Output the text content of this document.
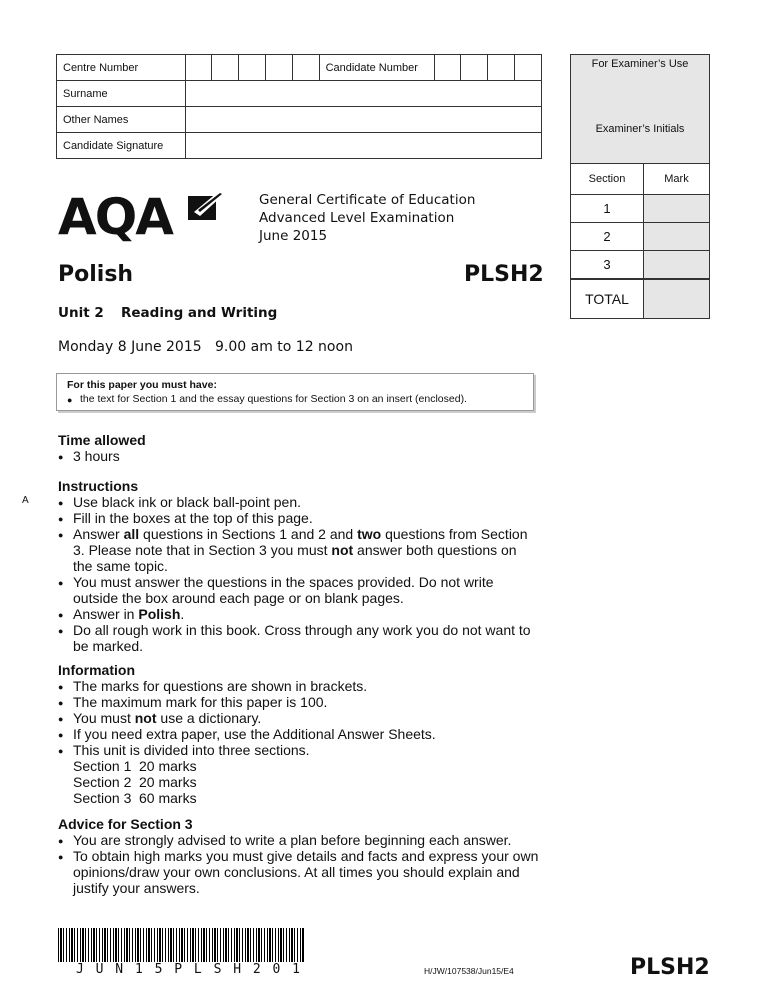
Centre Number						Candidate Number				
Surname										
Other Names										
Candidate Signature										
For Examiner’s Use
Examiner’s Initials
Section	Mark
1	
2	
3	
TOTAL	
AQA	General Certificate of Education
Advanced Level Examination
June 2015
Polish	PLSH2
Unit 2 Reading and Writing
Monday 8 June 2015 9.00 am to 12 noon
For this paper you must have:
● the text for Section 1 and the essay questions for Section 3 on an insert (enclosed).
A
Time allowed
● 3 hours
Instructions
● Use black ink or black ball-point pen.
● Fill in the boxes at the top of this page.
● Answer all questions in Sections 1 and 2 and two questions from Section 3. Please note that in Section 3 you must not answer both questions on the same topic.
● You must answer the questions in the spaces provided. Do not write outside the box around each page or on blank pages.
● Answer in Polish.
● Do all rough work in this book. Cross through any work you do not want to be marked.
Information
● The marks for questions are shown in brackets.
● The maximum mark for this paper is 100.
● You must not use a dictionary.
● If you need extra paper, use the Additional Answer Sheets.
● This unit is divided into three sections.
Section 1 20 marks
Section 2 20 marks
Section 3 60 marks
Advice for Section 3
● You are strongly advised to write a plan before beginning each answer.
● To obtain high marks you must give details and facts and express your own opinions/draw your own conclusions. At all times you should explain and justify your answers.
J U N 1 5 P L S H 2 0 1	H/JW/107538/Jun15/E4	PLSH2
